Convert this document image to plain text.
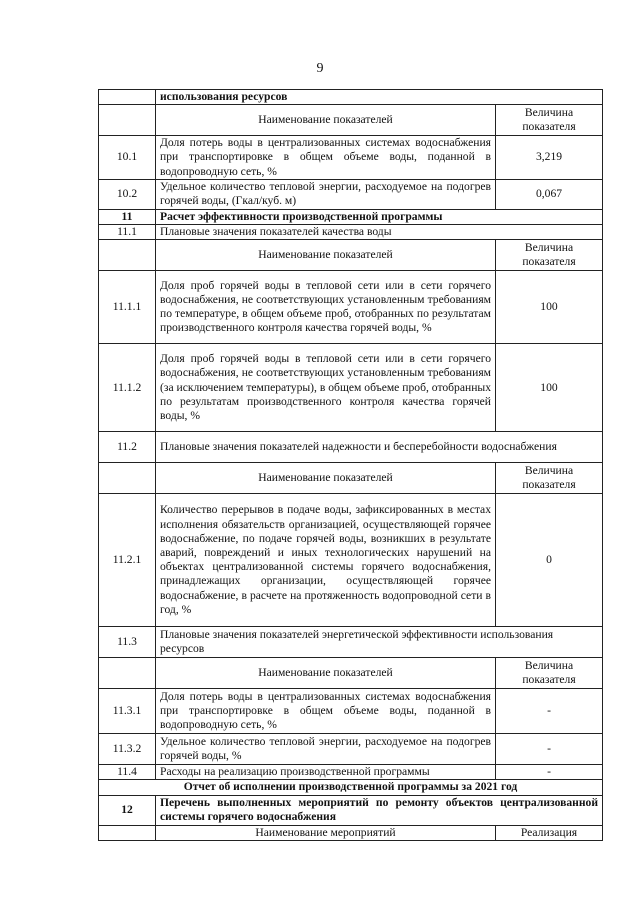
9
	использования ресурсов	
	Наименование показателей	Величина показателя
10.1	Доля потерь воды в централизованных системах водоснабжения при транспортировке в общем объеме воды, поданной в водопроводную сеть, %	3,219
10.2	Удельное количество тепловой энергии, расходуемое на подогрев горячей воды, (Гкал/куб. м)	0,067
11	Расчет эффективности производственной программы	
11.1	Плановые значения показателей качества воды	
	Наименование показателей	Величина показателя
11.1.1	Доля проб горячей воды в тепловой сети или в сети горячего водоснабжения, не соответствующих установленным требованиям по температуре, в общем объеме проб, отобранных по результатам производственного контроля качества горячей воды, %	100
11.1.2	Доля проб горячей воды в тепловой сети или в сети горячего водоснабжения, не соответствующих установленным требованиям (за исключением температуры), в общем объеме проб, отобранных по результатам производственного контроля качества горячей воды, %	100
11.2	Плановые значения показателей надежности и бесперебойности водоснабжения	
	Наименование показателей	Величина показателя
11.2.1	Количество перерывов в подаче воды, зафиксированных в местах исполнения обязательств организацией, осуществляющей горячее водоснабжение, по подаче горячей воды, возникших в результате аварий, повреждений и иных технологических нарушений на объектах централизованной системы горячего водоснабжения, принадлежащих организации, осуществляющей горячее водоснабжение, в расчете на протяженность водопроводной сети в год, %	0
11.3	Плановые значения показателей энергетической эффективности использования ресурсов	
	Наименование показателей	Величина показателя
11.3.1	Доля потерь воды в централизованных системах водоснабжения при транспортировке в общем объеме воды, поданной в водопроводную сеть, %	-
11.3.2	Удельное количество тепловой энергии, расходуемое на подогрев горячей воды, %	-
11.4	Расходы на реализацию производственной программы	-
Отчет об исполнении производственной программы за 2021 год		
12	Перечень выполненных мероприятий по ремонту объектов централизованной системы горячего водоснабжения	
	Наименование мероприятий	Реализация
